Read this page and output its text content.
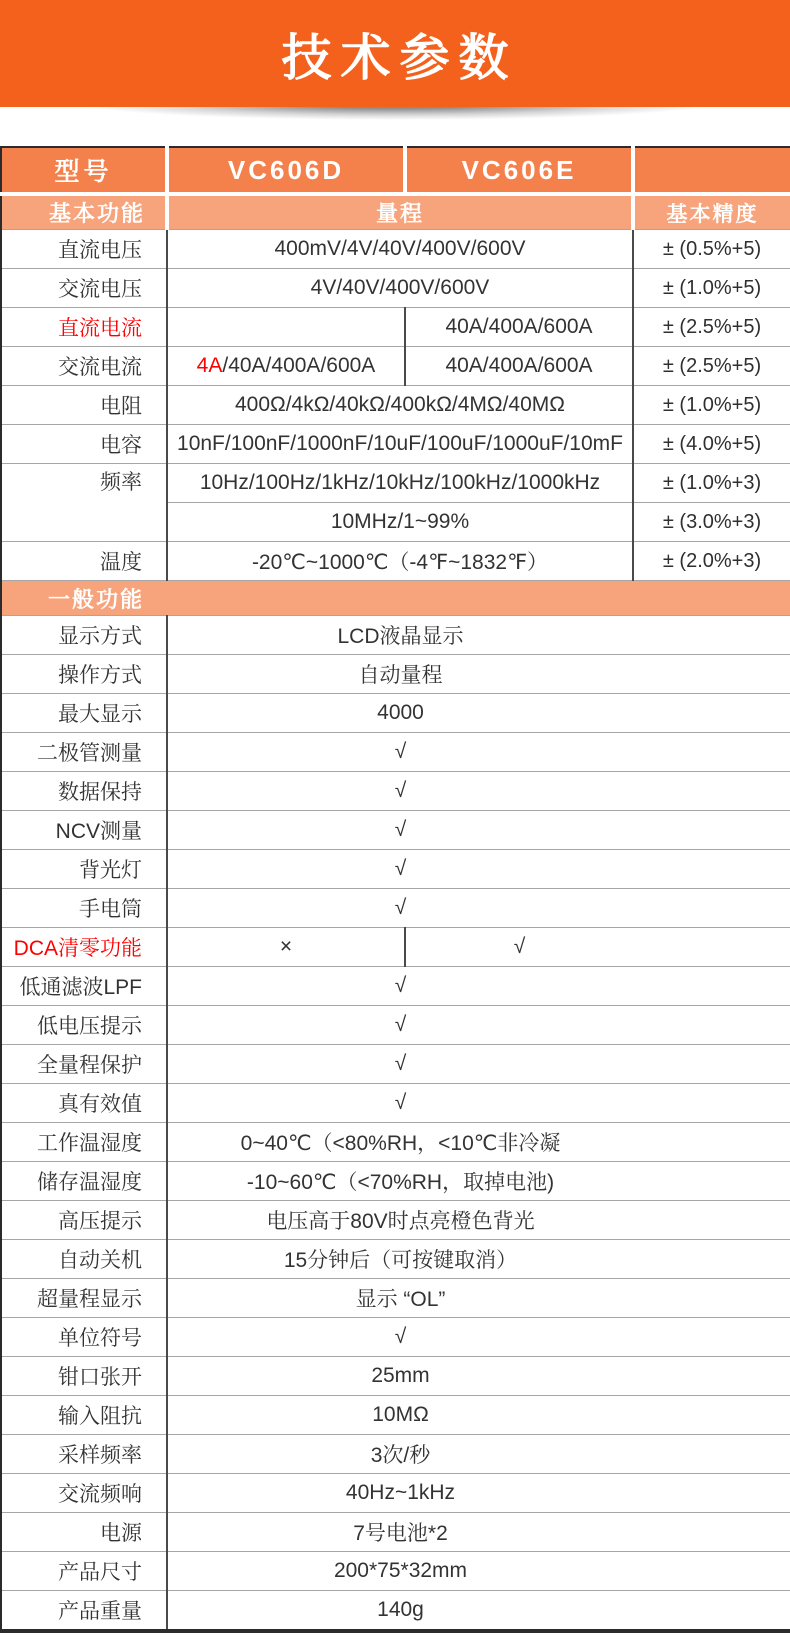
技术参数
型号	VC606D	VC606E	
基本功能	量程		基本精度
直流电压	400mV/4V/40V/400V/600V		± (0.5%+5)
交流电压	4V/40V/400V/600V		± (1.0%+5)
直流电流		40A/400A/600A	± (2.5%+5)
交流电流	4A/40A/400A/600A	40A/400A/600A	± (2.5%+5)
电阻	400Ω/4kΩ/40kΩ/400kΩ/4MΩ/40MΩ		± (1.0%+5)
电容	10nF/100nF/1000nF/10uF/100uF/1000uF/10mF		± (4.0%+5)
频率	10Hz/100Hz/1kHz/10kHz/100kHz/1000kHz		± (1.0%+3)
	10MHz/1~99%		± (3.0%+3)
温度	-20℃~1000℃（-4℉~1832℉）		± (2.0%+3)
一般功能			
显示方式	LCD液晶显示		
操作方式	自动量程		
最大显示	4000		
二极管测量	√		
数据保持	√		
NCV测量	√		
背光灯	√		
手电筒	√		
DCA清零功能	×	√	
低通滤波LPF	√		
低电压提示	√		
全量程保护	√		
真有效值	√		
工作温湿度	0~40℃（<80%RH，<10℃非冷凝		
储存温湿度	-10~60℃（<70%RH，取掉电池)		
高压提示	电压高于80V时点亮橙色背光		
自动关机	15分钟后（可按键取消）		
超量程显示	显示 “OL”		
单位符号	√		
钳口张开	25mm		
输入阻抗	10MΩ		
采样频率	3次/秒		
交流频响	40Hz~1kHz		
电源	7号电池*2		
产品尺寸	200*75*32mm		
产品重量	140g		
